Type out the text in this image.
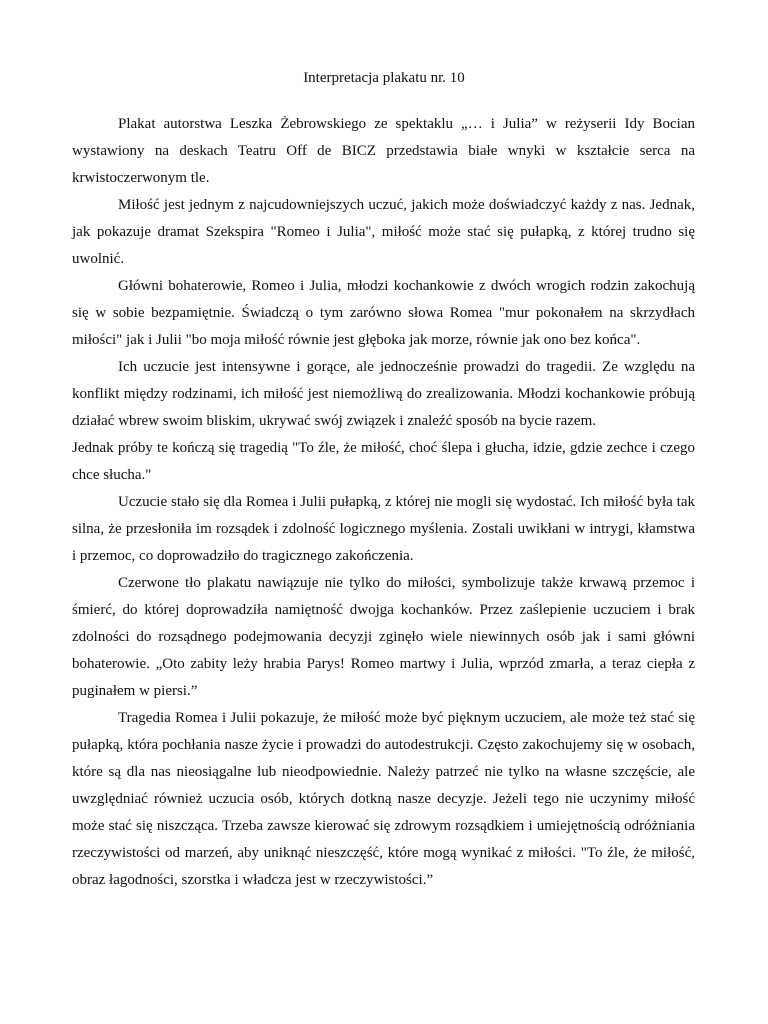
Interpretacja plakatu nr. 10

Plakat autorstwa Leszka Żebrowskiego ze spektaklu „… i Julia” w reżyserii Idy Bocian wystawiony na deskach Teatru Off de BICZ przedstawia białe wnyki w kształcie serca na krwistoczerwonym tle.

Miłość jest jednym z najcudowniejszych uczuć, jakich może doświadczyć każdy z nas. Jednak, jak pokazuje dramat Szekspira "Romeo i Julia", miłość może stać się pułapką, z której trudno się uwolnić.

Główni bohaterowie, Romeo i Julia, młodzi kochankowie z dwóch wrogich rodzin zakochują się w sobie bezpamiętnie. Świadczą o tym zarówno słowa Romea "mur pokonałem na skrzydłach miłości" jak i Julii "bo moja miłość równie jest głęboka jak morze, równie jak ono bez końca".

Ich uczucie jest intensywne i gorące, ale jednocześnie prowadzi do tragedii. Ze względu na konflikt między rodzinami, ich miłość jest niemożliwą do zrealizowania. Młodzi kochankowie próbują działać wbrew swoim bliskim, ukrywać swój związek i znaleźć sposób na bycie razem.

Jednak próby te kończą się tragedią "To źle, że miłość, choć ślepa i głucha, idzie, gdzie zechce i czego chce słucha."

Uczucie stało się dla Romea i Julii pułapką, z której nie mogli się wydostać. Ich miłość była tak silna, że przesłoniła im rozsądek i zdolność logicznego myślenia. Zostali uwikłani w intrygi, kłamstwa i przemoc, co doprowadziło do tragicznego zakończenia.

Czerwone tło plakatu nawiązuje nie tylko do miłości, symbolizuje także krwawą przemoc i śmierć, do której doprowadziła namiętność dwojga kochanków. Przez zaślepienie uczuciem i brak zdolności do rozsądnego podejmowania decyzji zginęło wiele niewinnych osób jak i sami główni bohaterowie. „Oto zabity leży hrabia Parys! Romeo martwy i Julia, wprzód zmarła, a teraz ciepła z puginałem w piersi.”

Tragedia Romea i Julii pokazuje, że miłość może być pięknym uczuciem, ale może też stać się pułapką, która pochłania nasze życie i prowadzi do autodestrukcji. Często zakochujemy się w osobach, które są dla nas nieosiągalne lub nieodpowiednie. Należy patrzeć nie tylko na własne szczęście, ale uwzględniać również uczucia osób, których dotkną nasze decyzje. Jeżeli tego nie uczynimy miłość może stać się niszcząca. Trzeba zawsze kierować się zdrowym rozsądkiem i umiejętnością odróżniania rzeczywistości od marzeń, aby uniknąć nieszczęść, które mogą wynikać z miłości. "To źle, że miłość, obraz łagodności, szorstka i władcza jest w rzeczywistości.”
